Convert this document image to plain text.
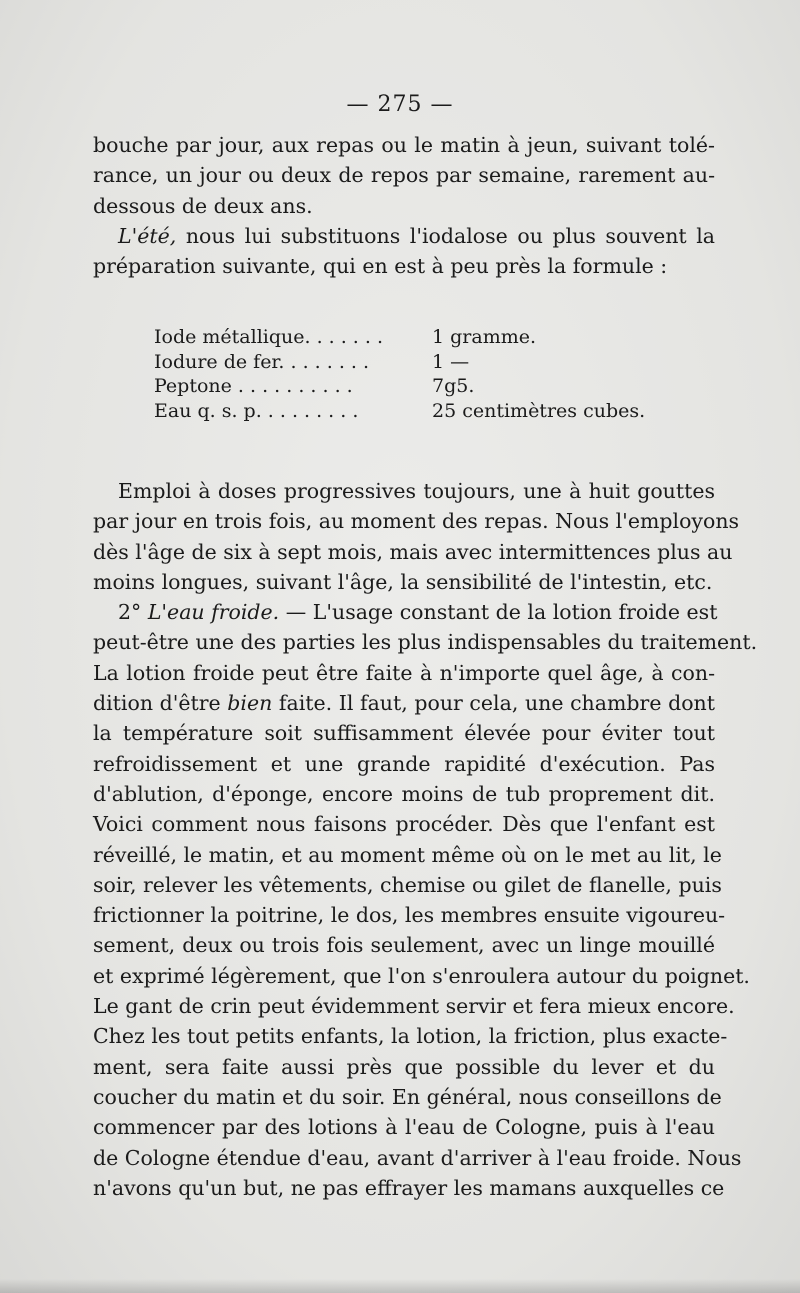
— 275 —
bouche par jour, aux repas ou le matin à jeun, suivant tolé-
rance, un jour ou deux de repos par semaine, rarement au-
dessous de deux ans.
L'été, nous lui substituons l'iodalose ou plus souvent la
préparation suivante, qui en est à peu près la formule :
Iode métallique. . . . . . .	1 gramme.
Iodure de fer. . . . . . . .	1 —
Peptone . . . . . . . . . .	7g5.
Eau q. s. p. . . . . . . . .	25 centimètres cubes.
Emploi à doses progressives toujours, une à huit gouttes
par jour en trois fois, au moment des repas. Nous l'employons
dès l'âge de six à sept mois, mais avec intermittences plus au
moins longues, suivant l'âge, la sensibilité de l'intestin, etc.
2° L'eau froide. — L'usage constant de la lotion froide est
peut-être une des parties les plus indispensables du traitement.
La lotion froide peut être faite à n'importe quel âge, à con-
dition d'être bien faite. Il faut, pour cela, une chambre dont
la température soit suffisamment élevée pour éviter tout
refroidissement et une grande rapidité d'exécution. Pas
d'ablution, d'éponge, encore moins de tub proprement dit.
Voici comment nous faisons procéder. Dès que l'enfant est
réveillé, le matin, et au moment même où on le met au lit, le
soir, relever les vêtements, chemise ou gilet de flanelle, puis
frictionner la poitrine, le dos, les membres ensuite vigoureu-
sement, deux ou trois fois seulement, avec un linge mouillé
et exprimé légèrement, que l'on s'enroulera autour du poignet.
Le gant de crin peut évidemment servir et fera mieux encore.
Chez les tout petits enfants, la lotion, la friction, plus exacte-
ment, sera faite aussi près que possible du lever et du
coucher du matin et du soir. En général, nous conseillons de
commencer par des lotions à l'eau de Cologne, puis à l'eau
de Cologne étendue d'eau, avant d'arriver à l'eau froide. Nous
n'avons qu'un but, ne pas effrayer les mamans auxquelles ce
